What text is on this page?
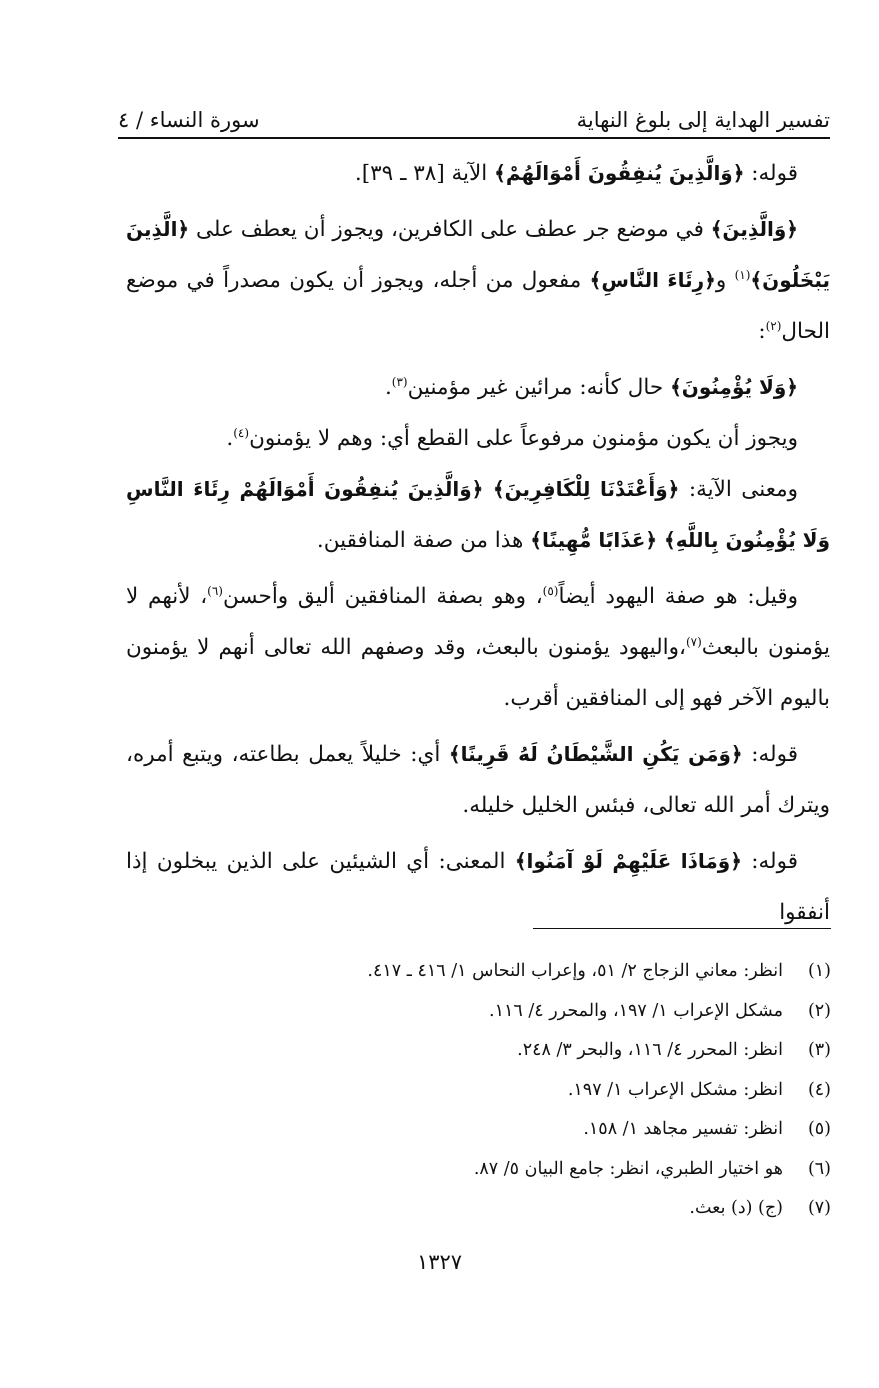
تفسير الهداية إلى بلوغ النهاية
سورة النساء / ٤

قوله: ﴿وَالَّذِينَ يُنفِقُونَ أَمْوَالَهُمْ﴾ الآية [٣٨ ـ ٣٩].

﴿وَالَّذِينَ﴾ في موضع جر عطف على الكافرين، ويجوز أن يعطف على ﴿الَّذِينَ يَبْخَلُونَ﴾$^{(١)}$ و﴿رِئَاءَ النَّاسِ﴾ مفعول من أجله، ويجوز أن يكون مصدراً في موضع الحال$^{(٢)}$:

﴿وَلَا يُؤْمِنُونَ﴾ حال كأنه: مرائين غير مؤمنين$^{(٣)}$.

ويجوز أن يكون مؤمنون مرفوعاً على القطع أي: وهم لا يؤمنون$^{(٤)}$.

ومعنى الآية: ﴿وَأَعْتَدْنَا لِلْكَافِرِينَ﴾ ﴿وَالَّذِينَ يُنفِقُونَ أَمْوَالَهُمْ رِئَاءَ النَّاسِ وَلَا يُؤْمِنُونَ بِاللَّهِ﴾ ﴿عَذَابًا مُّهِينًا﴾ هذا من صفة المنافقين.

وقيل: هو صفة اليهود أيضاً$^{(٥)}$، وهو بصفة المنافقين أليق وأحسن$^{(٦)}$، لأنهم لا يؤمنون بالبعث$^{(٧)}$،واليهود يؤمنون بالبعث، وقد وصفهم الله تعالى أنهم لا يؤمنون باليوم الآخر فهو إلى المنافقين أقرب.

قوله: ﴿وَمَن يَكُنِ الشَّيْطَانُ لَهُ قَرِينًا﴾ أي: خليلاً يعمل بطاعته، ويتبع أمره، ويترك أمر الله تعالى، فبئس الخليل خليله.

قوله: ﴿وَمَاذَا عَلَيْهِمْ لَوْ آمَنُوا﴾ المعنى: أي الشيئين على الذين يبخلون إذا أنفقوا

(١)
انظر: معاني الزجاج ٢/ ٥١، وإعراب النحاس ١/ ٤١٦ ـ ٤١٧.
(٢)
مشكل الإعراب ١/ ١٩٧، والمحرر ٤/ ١١٦.
(٣)
انظر: المحرر ٤/ ١١٦، والبحر ٣/ ٢٤٨.
(٤)
انظر: مشكل الإعراب ١/ ١٩٧.
(٥)
انظر: تفسير مجاهد ١/ ١٥٨.
(٦)
هو اختيار الطبري، انظر: جامع البيان ٥/ ٨٧.
(٧)
(ج) (د) بعث.
١٣٢٧
